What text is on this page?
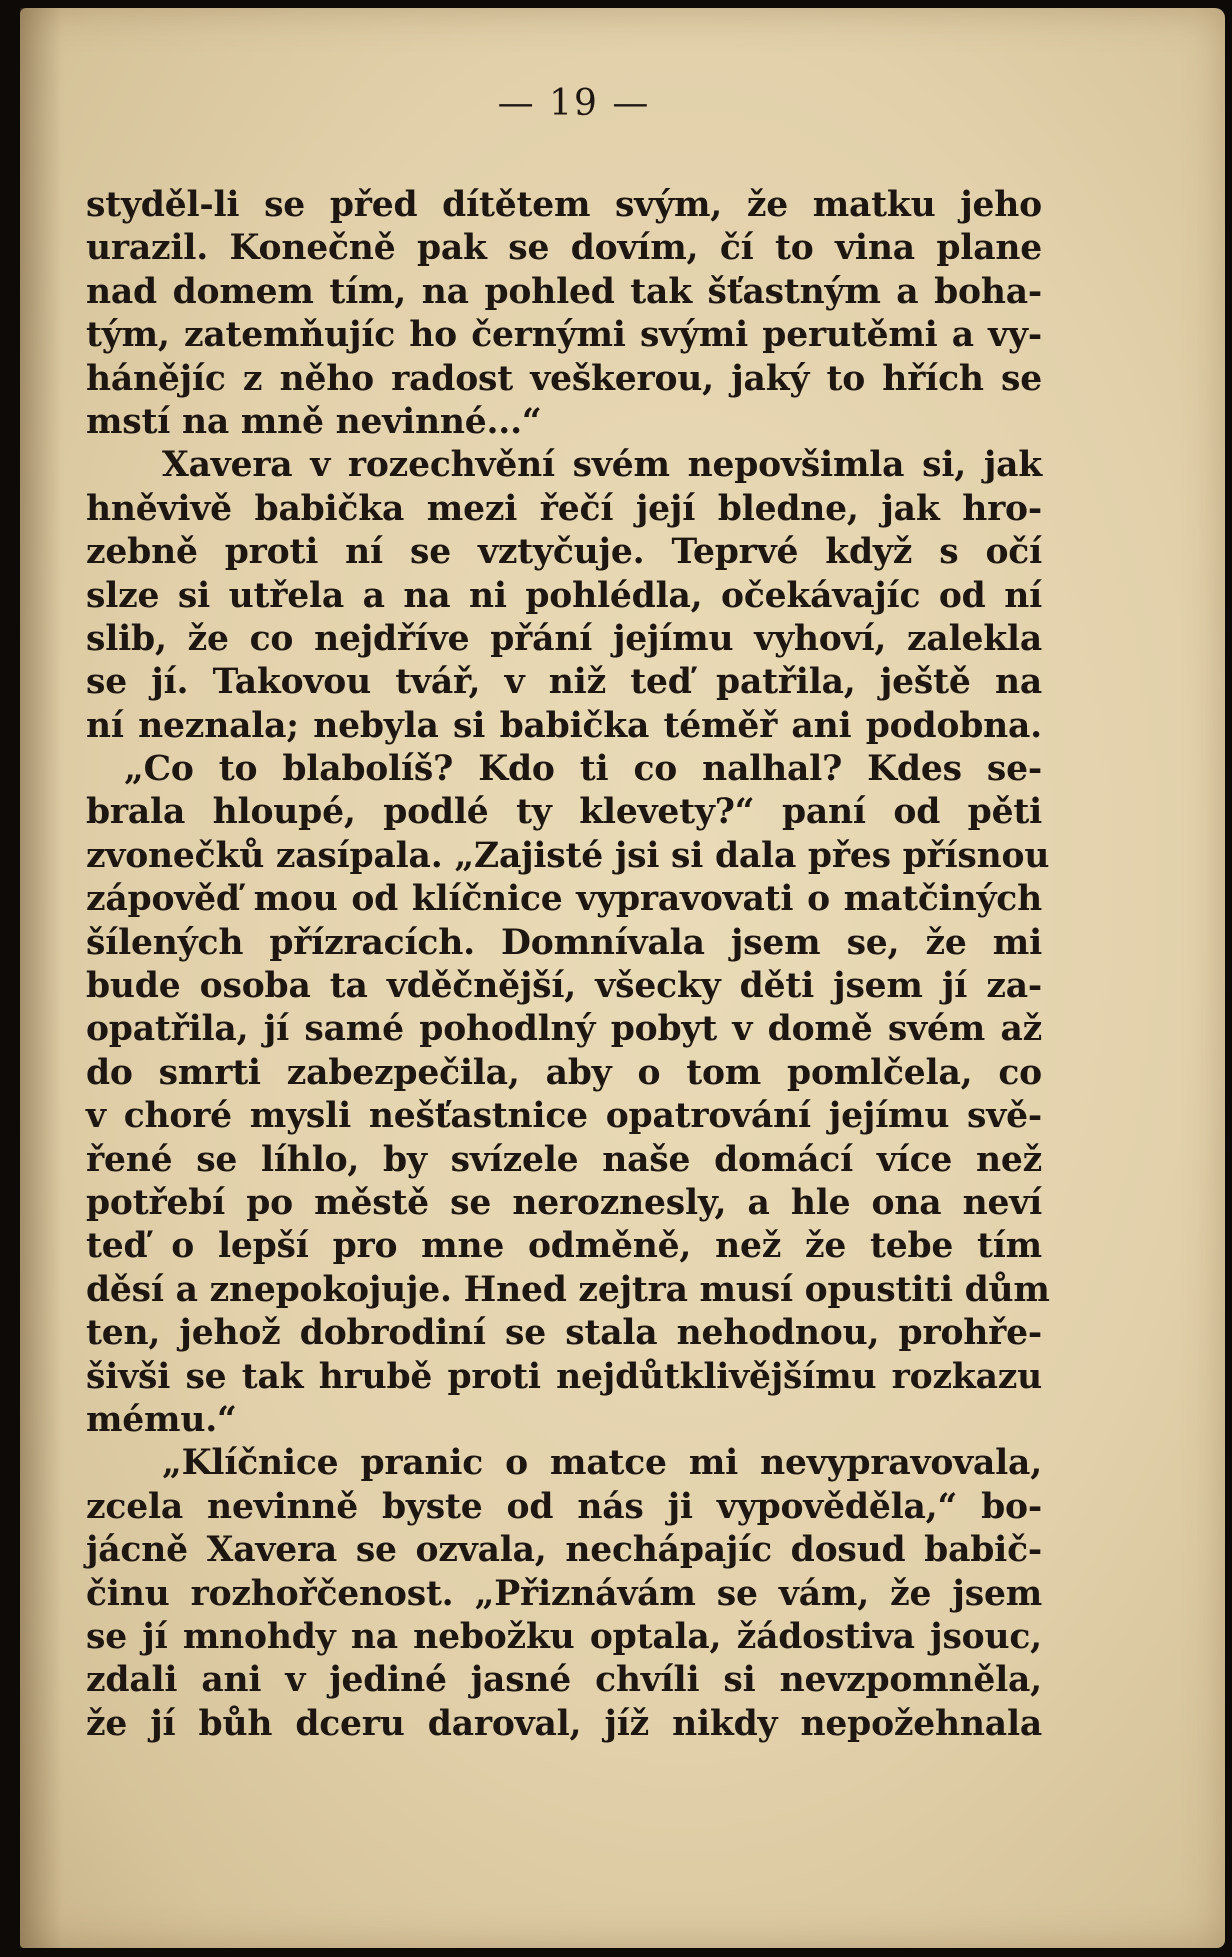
— 19 —
styděl-li se před dítětem svým, že matku jeho
urazil. Konečně pak se dovím, čí to vina plane
nad domem tím, na pohled tak šťastným a boha-
tým, zatemňujíc ho černými svými perutěmi a vy-
hánějíc z něho radost veškerou, jaký to hřích se
mstí na mně nevinné...“
Xavera v rozechvění svém nepovšimla si, jak
hněvivě babička mezi řečí její bledne, jak hro-
zebně proti ní se vztyčuje. Teprvé když s očí
slze si utřela a na ni pohlédla, očekávajíc od ní
slib, že co nejdříve přání jejímu vyhoví, zalekla
se jí. Takovou tvář, v niž teď patřila, ještě na
ní neznala; nebyla si babička téměř ani podobna.
„Co to blabolíš? Kdo ti co nalhal? Kdes se-
brala hloupé, podlé ty klevety?“ paní od pěti
zvonečků zasípala. „Zajisté jsi si dala přes přísnou
zápověď mou od klíčnice vypravovati o matčiných
šílených přízracích. Domnívala jsem se, že mi
bude osoba ta vděčnější, všecky děti jsem jí za-
opatřila, jí samé pohodlný pobyt v domě svém až
do smrti zabezpečila, aby o tom pomlčela, co
v choré mysli nešťastnice opatrování jejímu svě-
řené se líhlo, by svízele naše domácí více než
potřebí po městě se neroznesly, a hle ona neví
teď o lepší pro mne odměně, než že tebe tím
děsí a znepokojuje. Hned zejtra musí opustiti dům
ten, jehož dobrodiní se stala nehodnou, prohře-
šivši se tak hrubě proti nejdůtklivějšímu rozkazu
mému.“
„Klíčnice pranic o matce mi nevypravovala,
zcela nevinně byste od nás ji vypověděla,“ bo-
jácně Xavera se ozvala, nechápajíc dosud babič-
činu rozhořčenost. „Přiznávám se vám, že jsem
se jí mnohdy na nebožku optala, žádostiva jsouc,
zdali ani v jediné jasné chvíli si nevzpomněla,
že jí bůh dceru daroval, jíž nikdy nepožehnala
